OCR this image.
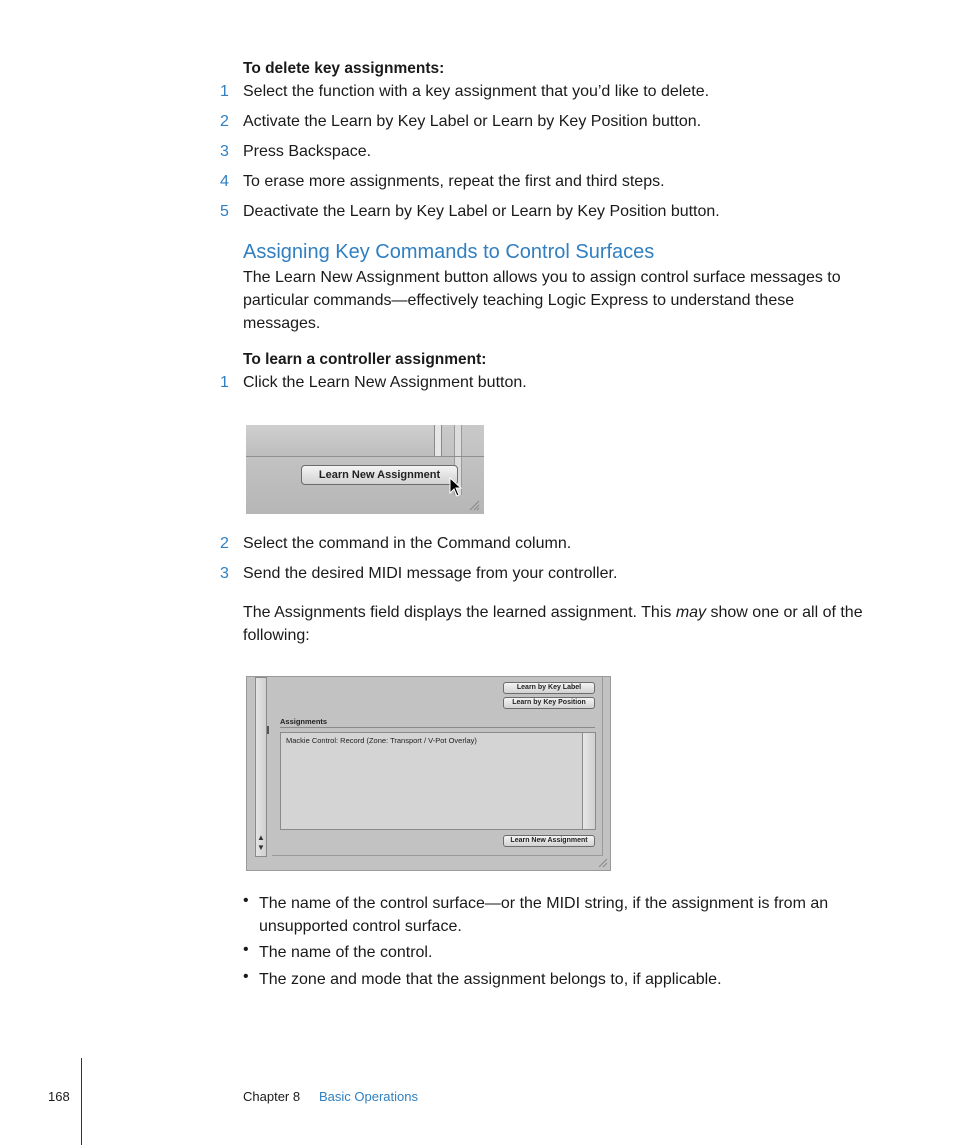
To delete key assignments:
1 Select the function with a key assignment that you’d like to delete.
2 Activate the Learn by Key Label or Learn by Key Position button.
3 Press Backspace.
4 To erase more assignments, repeat the first and third steps.
5 Deactivate the Learn by Key Label or Learn by Key Position button.
Assigning Key Commands to Control Surfaces
The Learn New Assignment button allows you to assign control surface messages to particular commands—effectively teaching Logic Express to understand these messages.
To learn a controller assignment:
1 Click the Learn New Assignment button.
Learn New Assignment
2 Select the command in the Command column.
3 Send the desired MIDI message from your controller.
The Assignments field displays the learned assignment. This may show one or all of the following:
▲
▼
Learn by Key Label
Learn by Key Position
Assignments
Mackie Control: Record (Zone: Transport / V-Pot Overlay)
Learn New Assignment
• The name of the control surface—or the MIDI string, if the assignment is from an unsupported control surface.
• The name of the control.
• The zone and mode that the assignment belongs to, if applicable.
168	Chapter 8 Basic Operations
